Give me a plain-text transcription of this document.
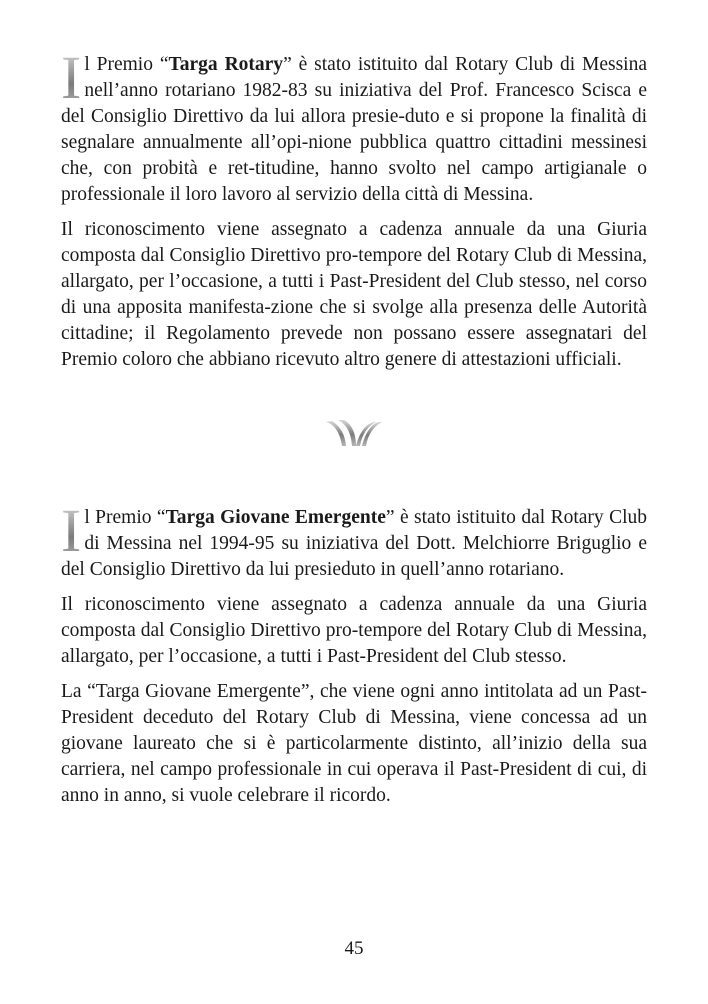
I l Premio “Targa Rotary” è stato istituito dal Rotary Club di Messina nell’anno rotariano 1982-83 su iniziativa del Prof. Francesco Scisca e del Consiglio Direttivo da lui allora presie-duto e si propone la finalità di segnalare annualmente all’opi-nione pubblica quattro cittadini messinesi che, con probità e ret-titudine, hanno svolto nel campo artigianale o professionale il loro lavoro al servizio della città di Messina.

Il riconoscimento viene assegnato a cadenza annuale da una Giuria composta dal Consiglio Direttivo pro-tempore del Rotary Club di Messina, allargato, per l’occasione, a tutti i Past-President del Club stesso, nel corso di una apposita manifesta-zione che si svolge alla presenza delle Autorità cittadine; il Regolamento prevede non possano essere assegnatari del Premio coloro che abbiano ricevuto altro genere di attestazioni ufficiali.

I l Premio “Targa Giovane Emergente” è stato istituito dal Rotary Club di Messina nel 1994-95 su iniziativa del Dott. Melchiorre Briguglio e del Consiglio Direttivo da lui presieduto in quell’anno rotariano.

Il riconoscimento viene assegnato a cadenza annuale da una Giuria composta dal Consiglio Direttivo pro-tempore del Rotary Club di Messina, allargato, per l’occasione, a tutti i Past-President del Club stesso.

La “Targa Giovane Emergente”, che viene ogni anno intitolata ad un Past-President deceduto del Rotary Club di Messina, viene concessa ad un giovane laureato che si è particolarmente distinto, all’inizio della sua carriera, nel campo professionale in cui operava il Past-President di cui, di anno in anno, si vuole celebrare il ricordo.

45
